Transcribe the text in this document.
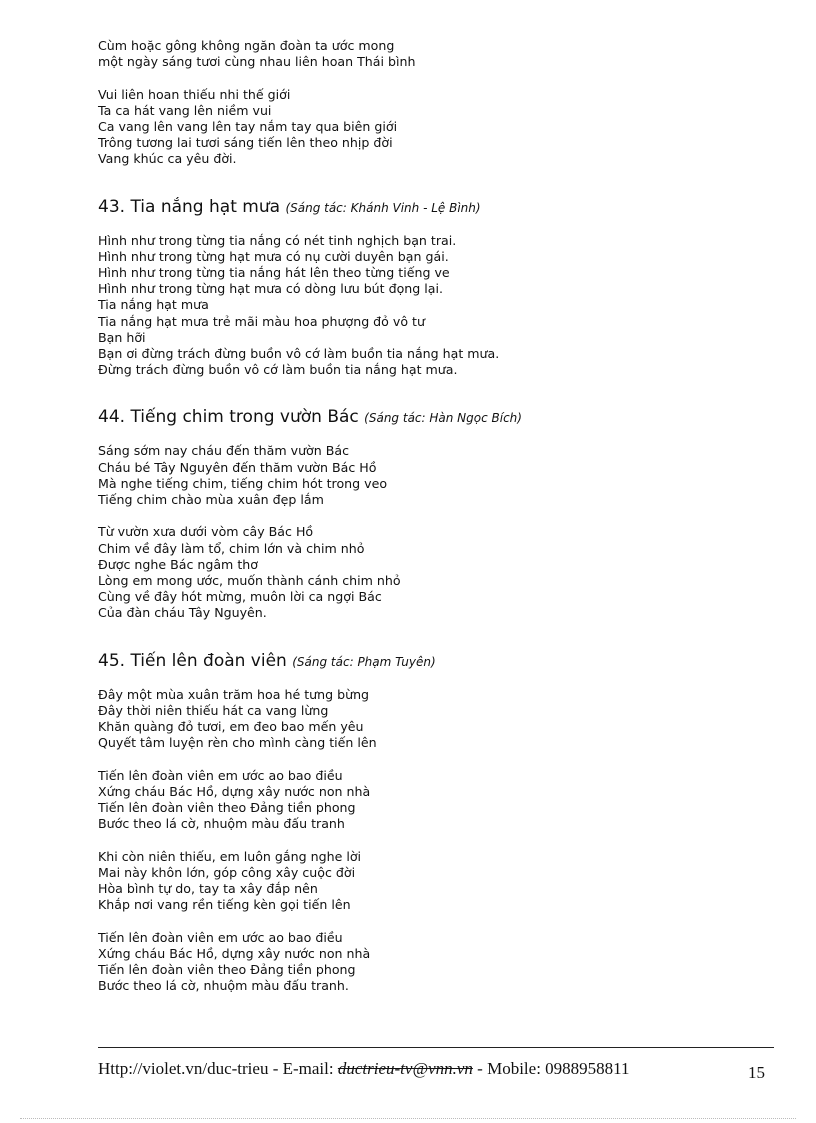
Cùm hoặc gông không ngăn đoàn ta ước mong
một ngày sáng tươi cùng nhau liên hoan Thái bình
Vui liên hoan thiếu nhi thế giới
Ta ca hát vang lên niềm vui
Ca vang lên vang lên tay nắm tay qua biên giới
Trông tương lai tươi sáng tiến lên theo nhịp đời
Vang khúc ca yêu đời.
43. Tia nắng hạt mưa (Sáng tác: Khánh Vinh - Lệ Bình)
Hình như trong từng tia nắng có nét tinh nghịch bạn trai.
Hình như trong từng hạt mưa có nụ cười duyên bạn gái.
Hình như trong từng tia nắng hát lên theo từng tiếng ve
Hình như trong từng hạt mưa có dòng lưu bút đọng lại.
Tia nắng hạt mưa
Tia nắng hạt mưa trẻ mãi màu hoa phượng đỏ vô tư
Bạn hỡi
Bạn ơi đừng trách đừng buồn vô cớ làm buồn tia nắng hạt mưa.
Đừng trách đừng buồn vô cớ làm buồn tia nắng hạt mưa.
44. Tiếng chim trong vườn Bác (Sáng tác: Hàn Ngọc Bích)
Sáng sớm nay cháu đến thăm vườn Bác
Cháu bé Tây Nguyên đến thăm vườn Bác Hồ
Mà nghe tiếng chim, tiếng chim hót trong veo
Tiếng chim chào mùa xuân đẹp lắm
Từ vườn xưa dưới vòm cây Bác Hồ
Chim về đây làm tổ, chim lớn và chim nhỏ
Được nghe Bác ngâm thơ
Lòng em mong ước, muốn thành cánh chim nhỏ
Cùng về đây hót mừng, muôn lời ca ngợi Bác
Của đàn cháu Tây Nguyên.
45. Tiến lên đoàn viên (Sáng tác: Phạm Tuyên)
Đây một mùa xuân trăm hoa hé tưng bừng
Đây thời niên thiếu hát ca vang lừng
Khăn quàng đỏ tươi, em đeo bao mến yêu
Quyết tâm luyện rèn cho mình càng tiến lên
Tiến lên đoàn viên em ước ao bao điều
Xứng cháu Bác Hồ, dựng xây nước non nhà
Tiến lên đoàn viên theo Đảng tiền phong
Bước theo lá cờ, nhuộm màu đấu tranh
Khi còn niên thiếu, em luôn gắng nghe lời
Mai này khôn lớn, góp công xây cuộc đời
Hòa bình tự do, tay ta xây đắp nên
Khắp nơi vang rền tiếng kèn gọi tiến lên
Tiến lên đoàn viên em ước ao bao điều
Xứng cháu Bác Hồ, dựng xây nước non nhà
Tiến lên đoàn viên theo Đảng tiền phong
Bước theo lá cờ, nhuộm màu đấu tranh.
Http://violet.vn/duc-trieu - E-mail: ductrieu-tv@vnn.vn - Mobile: 0988958811	15
